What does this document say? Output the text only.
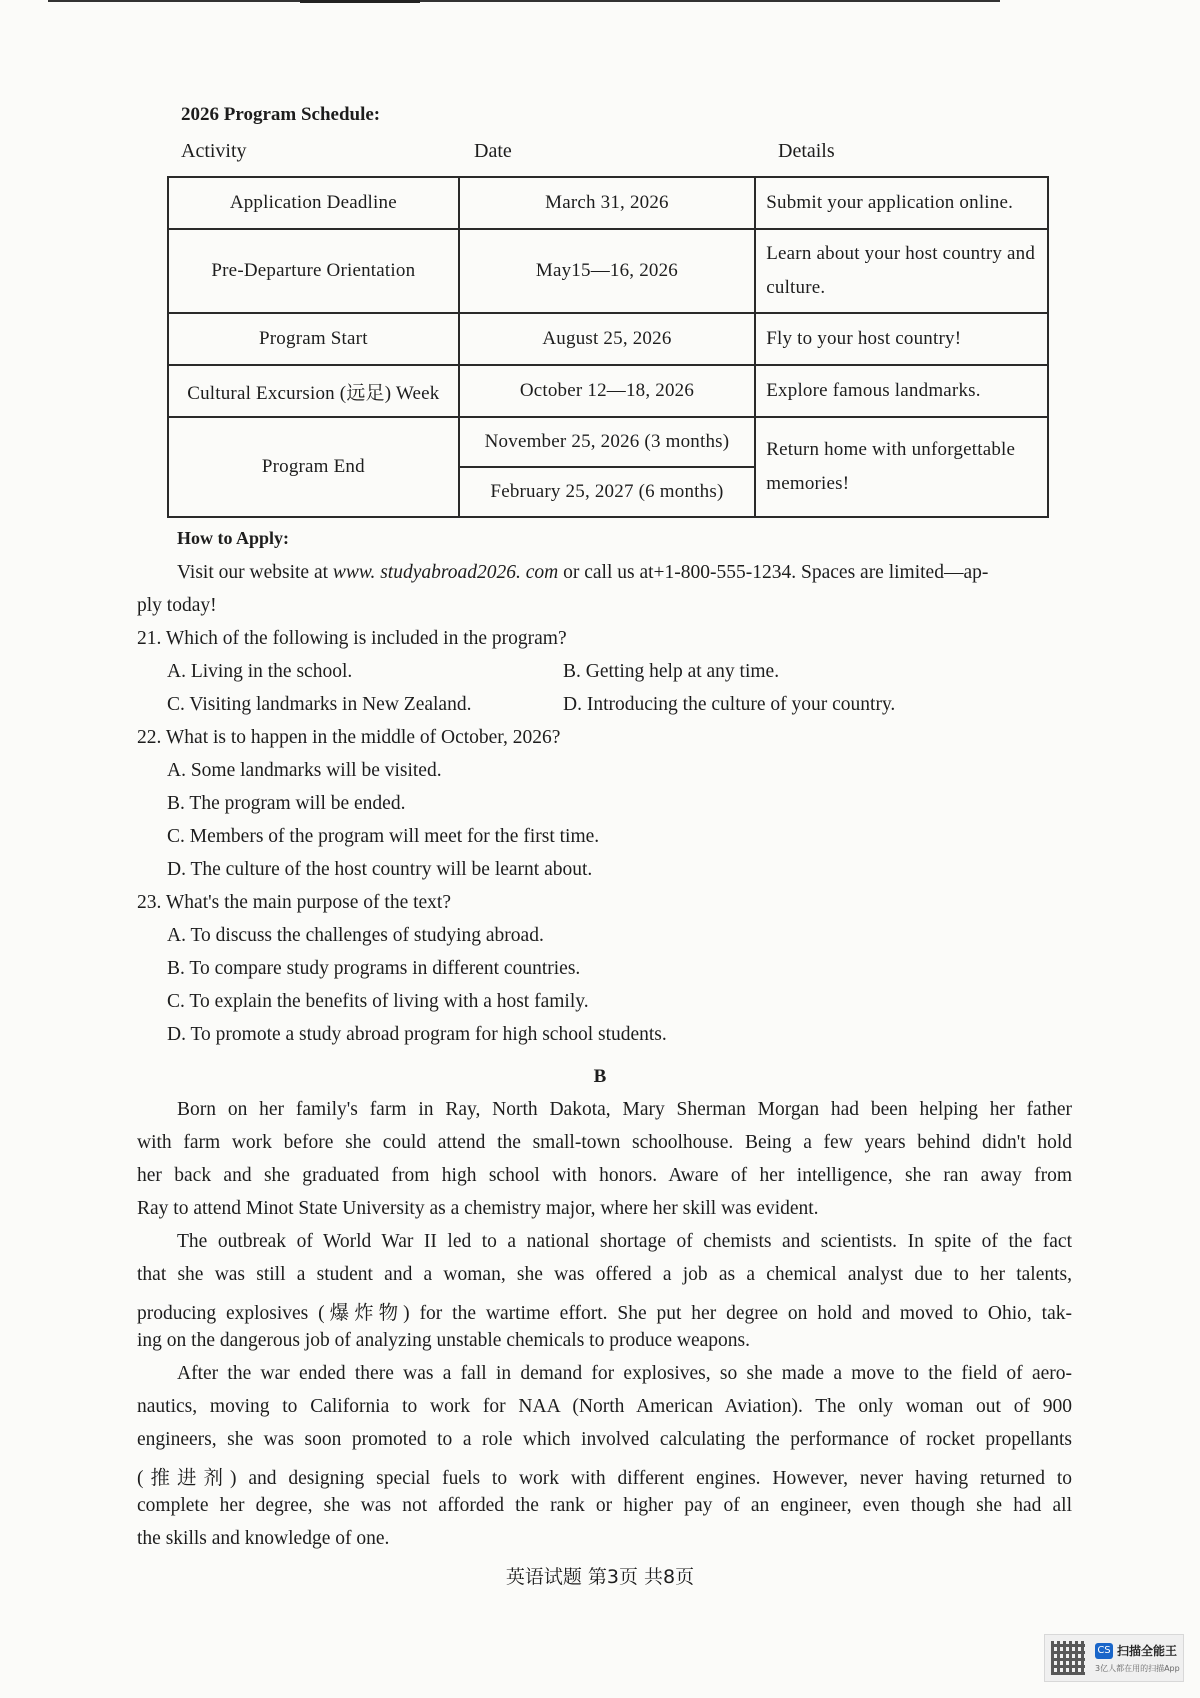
2026 Program Schedule:
Activity	Date	Details
Application Deadline	March 31, 2026	Submit your application online.
Pre-Departure Orientation	May15—16, 2026	Learn about your host country and culture.
Program Start	August 25, 2026	Fly to your host country!
Cultural Excursion (远足) Week	October 12—18, 2026	Explore famous landmarks.
Program End	November 25, 2026 (3 months)	Return home with unforgettable memories!
	February 25, 2027 (6 months)	
How to Apply:
Visit our website at www. studyabroad2026. com or call us at+1-800-555-1234. Spaces are limited—ap-
ply today!
21. Which of the following is included in the program?
A. Living in the school.	B. Getting help at any time.
C. Visiting landmarks in New Zealand.	D. Introducing the culture of your country.
22. What is to happen in the middle of October, 2026?
A. Some landmarks will be visited.
B. The program will be ended.
C. Members of the program will meet for the first time.
D. The culture of the host country will be learnt about.
23. What's the main purpose of the text?
A. To discuss the challenges of studying abroad.
B. To compare study programs in different countries.
C. To explain the benefits of living with a host family.
D. To promote a study abroad program for high school students.
B
Born on her family's farm in Ray, North Dakota, Mary Sherman Morgan had been helping her father
with farm work before she could attend the small-town schoolhouse. Being a few years behind didn't hold
her back and she graduated from high school with honors. Aware of her intelligence, she ran away from
Ray to attend Minot State University as a chemistry major, where her skill was evident.
The outbreak of World War II led to a national shortage of chemists and scientists. In spite of the fact
that she was still a student and a woman, she was offered a job as a chemical analyst due to her talents,
producing explosives (爆炸物) for the wartime effort. She put her degree on hold and moved to Ohio, tak-
ing on the dangerous job of analyzing unstable chemicals to produce weapons.
After the war ended there was a fall in demand for explosives, so she made a move to the field of aero-
nautics, moving to California to work for NAA (North American Aviation). The only woman out of 900
engineers, she was soon promoted to a role which involved calculating the performance of rocket propellants
(推进剂) and designing special fuels to work with different engines. However, never having returned to
complete her degree, she was not afforded the rank or higher pay of an engineer, even though she had all
the skills and knowledge of one.
英语试题 第3页 共8页
CS 扫描全能王
3亿人都在用的扫描App
